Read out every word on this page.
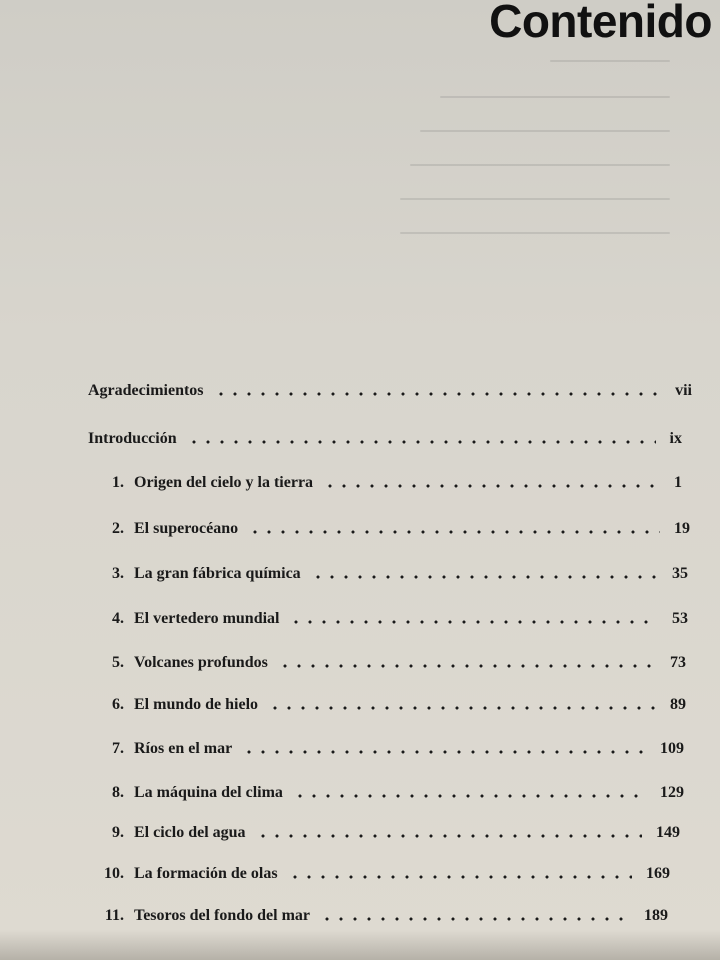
Contenido
Agradecimientos	vii
Introducción	ix
1. Origen del cielo y la tierra	1
2. El superocéano	19
3. La gran fábrica química	35
4. El vertedero mundial	53
5. Volcanes profundos	73
6. El mundo de hielo	89
7. Ríos en el mar	109
8. La máquina del clima	129
9. El ciclo del agua	149
10. La formación de olas	169
11. Tesoros del fondo del mar	189
